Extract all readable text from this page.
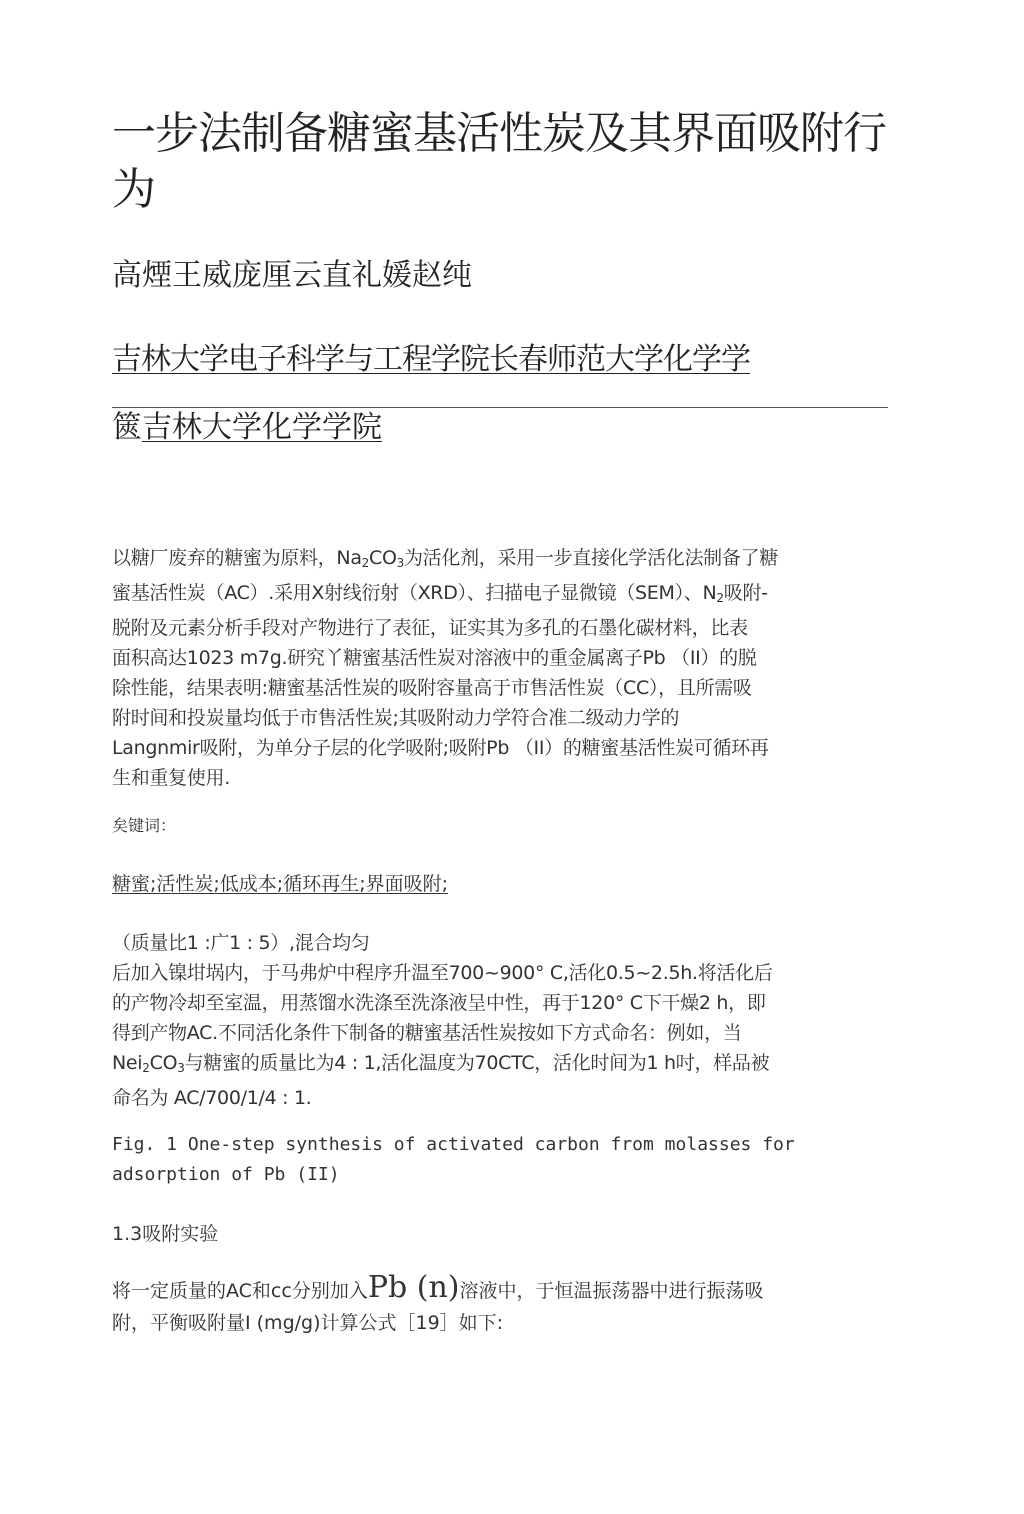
一步法制备糖蜜基活性炭及其界面吸附行为
高煙王威庞厘云直礼媛赵纯
吉林大学电子科学与工程学院长春师范大学化学学
篋吉林大学化学学院
以糖厂废弃的糖蜜为原料，$Na_2CO_3$为活化剂，采用一步直接化学活化法制备了糖
蜜基活性炭（AC）.采用X射线衍射（XRD）、扫描电子显微镜（SEM）、$N_2$吸附-
脱附及元素分析手段对产物进行了表征，证实其为多孔的石墨化碳材料，比表
面积高达1023 m7g.研究丫糖蜜基活性炭对溶液中的重金属离子Pb （II）的脱
除性能，结果表明:糖蜜基活性炭的吸附容量高于市售活性炭（CC），且所需吸
附时间和投炭量均低于市售活性炭;其吸附动力学符合准二级动力学的
Langnmir吸附，为单分子层的化学吸附;吸附Pb （II）的糖蜜基活性炭可循环再
生和重复使用.
矣键词：
糖蜜;活性炭;低成本;循环再生;界面吸附;
（质量比1 :广1 : 5）,混合均匀
后加入镍坩埚内，于马弗炉中程序升温至700~900° C,活化0.5~2.5h.将活化后
的产物冷却至室温，用蒸馏水洗涤至洗涤液呈中性，再于120° C下干燥2 h，即
得到产物AC.不同活化条件下制备的糖蜜基活性炭按如下方式命名：例如，当
$Nei_2CO_3$与糖蜜的质量比为4 : 1,活化温度为70CTC，活化时间为1 h吋，样品被
命名为 AC/700/1/4 : 1.
Fig. 1 One-step synthesis of activated carbon from molasses for
adsorption of Pb (II)
1.3吸附实验
将一定质量的AC和cc分别加入Pb (n)溶液中，于恒温振荡器中进行振荡吸
附，平衡吸附量I (mg/g)计算公式［19］如下:
